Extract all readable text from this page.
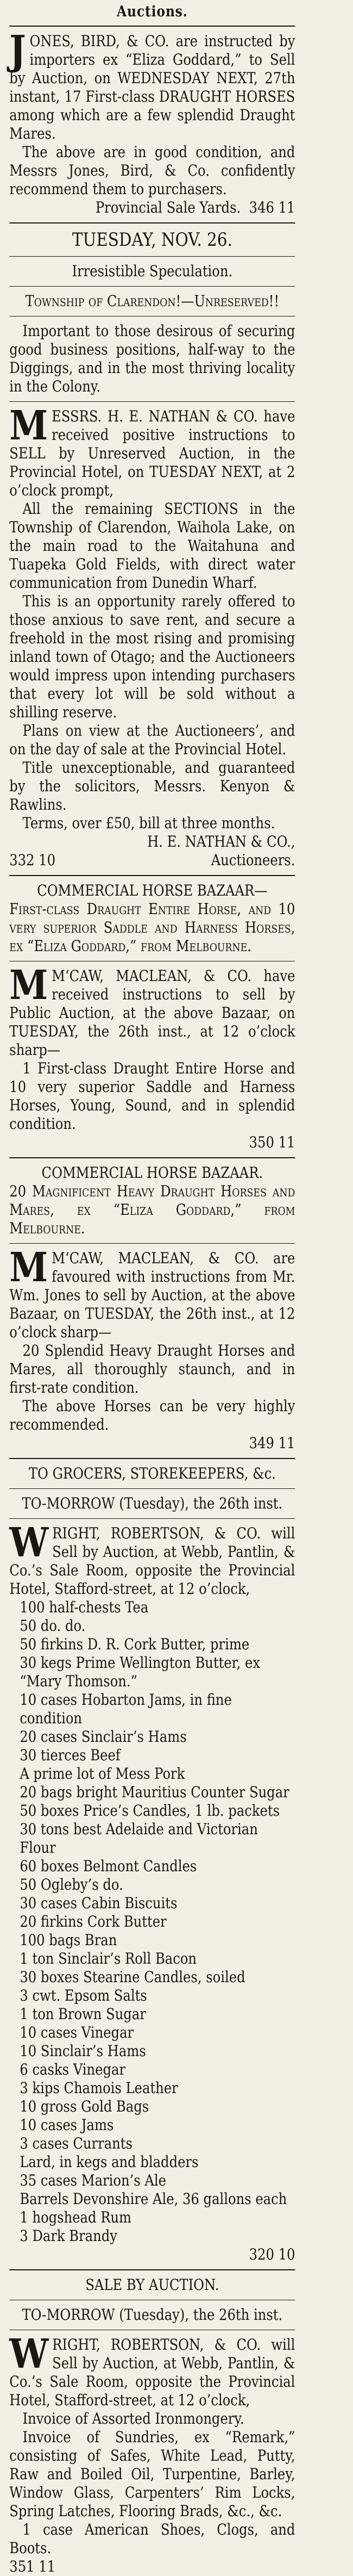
Auctions.

J ONES, BIRD, & CO. are instructed by importers ex “Eliza Goddard,” to Sell by Auction, on WEDNESDAY NEXT, 27th instant, 17 First-class DRAUGHT HORSES among which are a few splendid Draught Mares.

The above are in good condition, and Messrs Jones, Bird, & Co. confidently recommend them to purchasers.

Provincial Sale Yards. 346 11

TUESDAY, NOV. 26.

Irresistible Speculation.

Township of Clarendon!—Unreserved!!

Important to those desirous of securing good business positions, half-way to the Diggings, and in the most thriving locality in the Colony.

M ESSRS. H. E. NATHAN & CO. have received positive instructions to SELL by Unreserved Auction, in the Provincial Hotel, on TUESDAY NEXT, at 2 o’clock prompt,

All the remaining SECTIONS in the Township of Clarendon, Waihola Lake, on the main road to the Waitahuna and Tuapeka Gold Fields, with direct water communication from Dunedin Wharf.

This is an opportunity rarely offered to those anxious to save rent, and secure a freehold in the most rising and promising inland town of Otago; and the Auctioneers would impress upon intending purchasers that every lot will be sold without a shilling reserve.

Plans on view at the Auctioneers’, and on the day of sale at the Provincial Hotel.

Title unexceptionable, and guaranteed by the solicitors, Messrs. Kenyon & Rawlins.

Terms, over £50, bill at three months.

H. E. NATHAN & CO.,

332 10	Auctioneers.

COMMERCIAL HORSE BAZAAR—

First-class Draught Entire Horse, and 10 very superior Saddle and Harness Horses, ex “Eliza Goddard,” from Melbourne.

M M‘CAW, MACLEAN, & CO. have received instructions to sell by Public Auction, at the above Bazaar, on TUESDAY, the 26th inst., at 12 o’clock sharp—

1 First-class Draught Entire Horse and 10 very superior Saddle and Harness Horses, Young, Sound, and in splendid condition.

350 11

COMMERCIAL HORSE BAZAAR.

20 Magnificent Heavy Draught Horses and Mares, ex “Eliza Goddard,” from Melbourne.

M M‘CAW, MACLEAN, & CO. are favoured with instructions from Mr. Wm. Jones to sell by Auction, at the above Bazaar, on TUESDAY, the 26th inst., at 12 o’clock sharp—

20 Splendid Heavy Draught Horses and Mares, all thoroughly staunch, and in first-rate condition.

The above Horses can be very highly recommended.

349 11

TO GROCERS, STOREKEEPERS, &c.

TO-MORROW (Tuesday), the 26th inst.

W RIGHT, ROBERTSON, & CO. will Sell by Auction, at Webb, Pantlin, & Co.’s Sale Room, opposite the Provincial Hotel, Stafford-street, at 12 o’clock,

100 half-chests Tea
50 do. do.
50 firkins D. R. Cork Butter, prime
30 kegs Prime Wellington Butter, ex “Mary Thomson.”
10 cases Hobarton Jams, in fine condition
20 cases Sinclair’s Hams
30 tierces Beef
A prime lot of Mess Pork
20 bags bright Mauritius Counter Sugar
50 boxes Price’s Candles, 1 lb. packets
30 tons best Adelaide and Victorian Flour
60 boxes Belmont Candles
50 Ogleby’s do.
30 cases Cabin Biscuits
20 firkins Cork Butter
100 bags Bran
1 ton Sinclair’s Roll Bacon
30 boxes Stearine Candles, soiled
3 cwt. Epsom Salts
1 ton Brown Sugar
10 cases Vinegar
10 Sinclair’s Hams
6 casks Vinegar
3 kips Chamois Leather
10 gross Gold Bags
10 cases Jams
3 cases Currants
Lard, in kegs and bladders
35 cases Marion’s Ale
Barrels Devonshire Ale, 36 gallons each
1 hogshead Rum
3 Dark Brandy

320 10

SALE BY AUCTION.

TO-MORROW (Tuesday), the 26th inst.

W RIGHT, ROBERTSON, & CO. will Sell by Auction, at Webb, Pantlin, & Co.’s Sale Room, opposite the Provincial Hotel, Stafford-street, at 12 o’clock,

Invoice of Assorted Ironmongery.

Invoice of Sundries, ex “Remark,” consisting of Safes, White Lead, Putty, Raw and Boiled Oil, Turpentine, Barley, Window Glass, Carpenters’ Rim Locks, Spring Latches, Flooring Brads, &c., &c.

1 case American Shoes, Clogs, and Boots.

351 11
